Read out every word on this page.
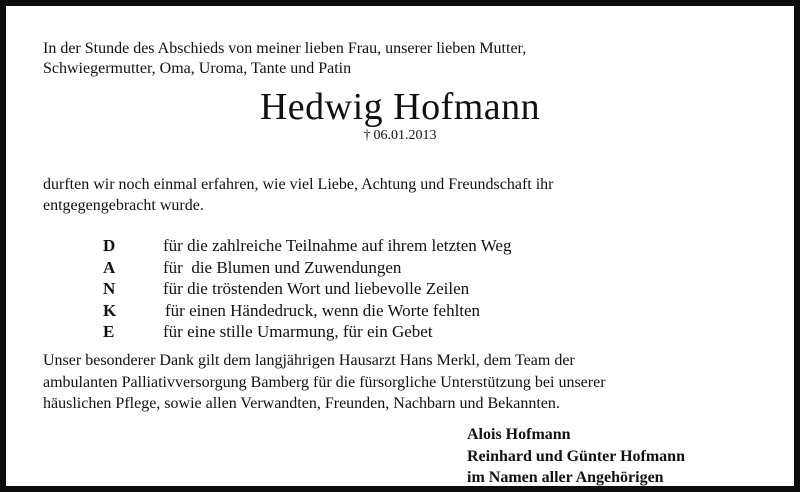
In der Stunde des Abschieds von meiner lieben Frau, unserer lieben Mutter,
Schwiegermutter, Oma, Uroma, Tante und Patin
Hedwig Hofmann
† 06.01.2013
durften wir noch einmal erfahren, wie viel Liebe, Achtung und Freundschaft ihr
entgegengebracht wurde.
D	für die zahlreiche Teilnahme auf ihrem letzten Weg
A	für  die Blumen und Zuwendungen
N	für die tröstenden Wort und liebevolle Zeilen
K	für einen Händedruck, wenn die Worte fehlten
E	für eine stille Umarmung, für ein Gebet
Unser besonderer Dank gilt dem langjährigen Hausarzt Hans Merkl, dem Team der
ambulanten Palliativversorgung Bamberg für die fürsorgliche Unterstützung bei unserer
häuslichen Pflege, sowie allen Verwandten, Freunden, Nachbarn und Bekannten.
Alois Hofmann
Reinhard und Günter Hofmann
im Namen aller Angehörigen
